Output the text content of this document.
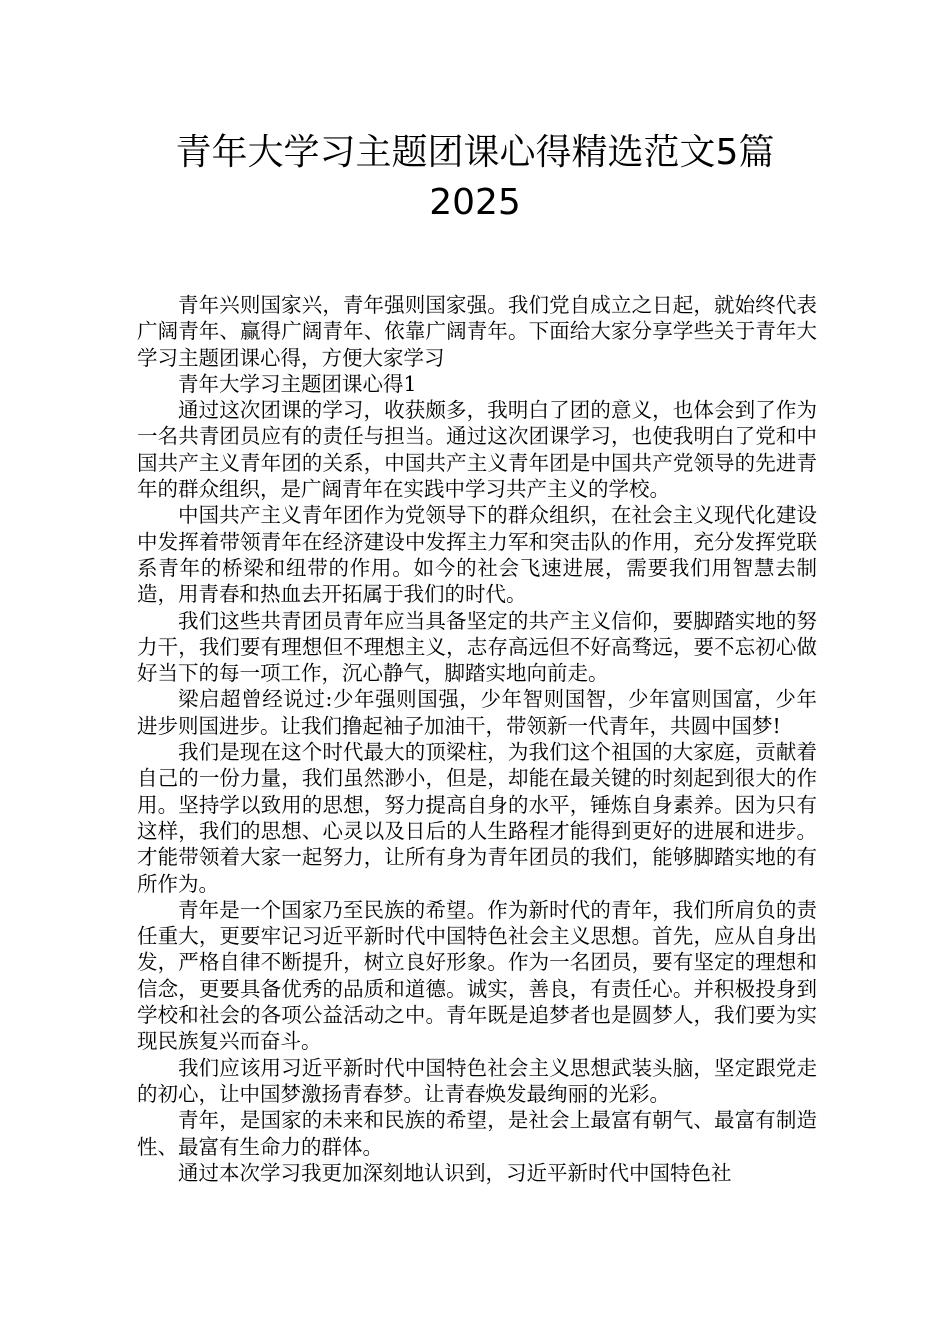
青年大学习主题团课心得精选范文5篇
2025

青年兴则国家兴，青年强则国家强。我们党自成立之日起，就始终代表广阔青年、赢得广阔青年、依靠广阔青年。下面给大家分享学些关于青年大学习主题团课心得，方便大家学习

青年大学习主题团课心得1

通过这次团课的学习，收获颇多，我明白了团的意义，也体会到了作为一名共青团员应有的责任与担当。通过这次团课学习，也使我明白了党和中国共产主义青年团的关系，中国共产主义青年团是中国共产党领导的先进青年的群众组织，是广阔青年在实践中学习共产主义的学校。

中国共产主义青年团作为党领导下的群众组织，在社会主义现代化建设中发挥着带领青年在经济建设中发挥主力军和突击队的作用，充分发挥党联系青年的桥梁和纽带的作用。如今的社会飞速进展，需要我们用智慧去制造，用青春和热血去开拓属于我们的时代。

我们这些共青团员青年应当具备坚定的共产主义信仰，要脚踏实地的努力干，我们要有理想但不理想主义，志存高远但不好高骛远，要不忘初心做好当下的每一项工作，沉心静气，脚踏实地向前走。

梁启超曾经说过:少年强则国强，少年智则国智，少年富则国富，少年进步则国进步。让我们撸起袖子加油干，带领新一代青年，共圆中国梦!

我们是现在这个时代最大的顶梁柱，为我们这个祖国的大家庭，贡献着自己的一份力量，我们虽然渺小，但是，却能在最关键的时刻起到很大的作用。坚持学以致用的思想，努力提高自身的水平，锤炼自身素养。因为只有这样，我们的思想、心灵以及日后的人生路程才能得到更好的进展和进步。才能带领着大家一起努力，让所有身为青年团员的我们，能够脚踏实地的有所作为。

青年是一个国家乃至民族的希望。作为新时代的青年，我们所肩负的责任重大，更要牢记习近平新时代中国特色社会主义思想。首先，应从自身出发，严格自律不断提升，树立良好形象。作为一名团员，要有坚定的理想和信念，更要具备优秀的品质和道德。诚实，善良，有责任心。并积极投身到学校和社会的各项公益活动之中。青年既是追梦者也是圆梦人，我们要为实现民族复兴而奋斗。

我们应该用习近平新时代中国特色社会主义思想武装头脑，坚定跟党走的初心，让中国梦激扬青春梦。让青春焕发最绚丽的光彩。

青年，是国家的未来和民族的希望，是社会上最富有朝气、最富有制造性、最富有生命力的群体。

通过本次学习我更加深刻地认识到，习近平新时代中国特色社
